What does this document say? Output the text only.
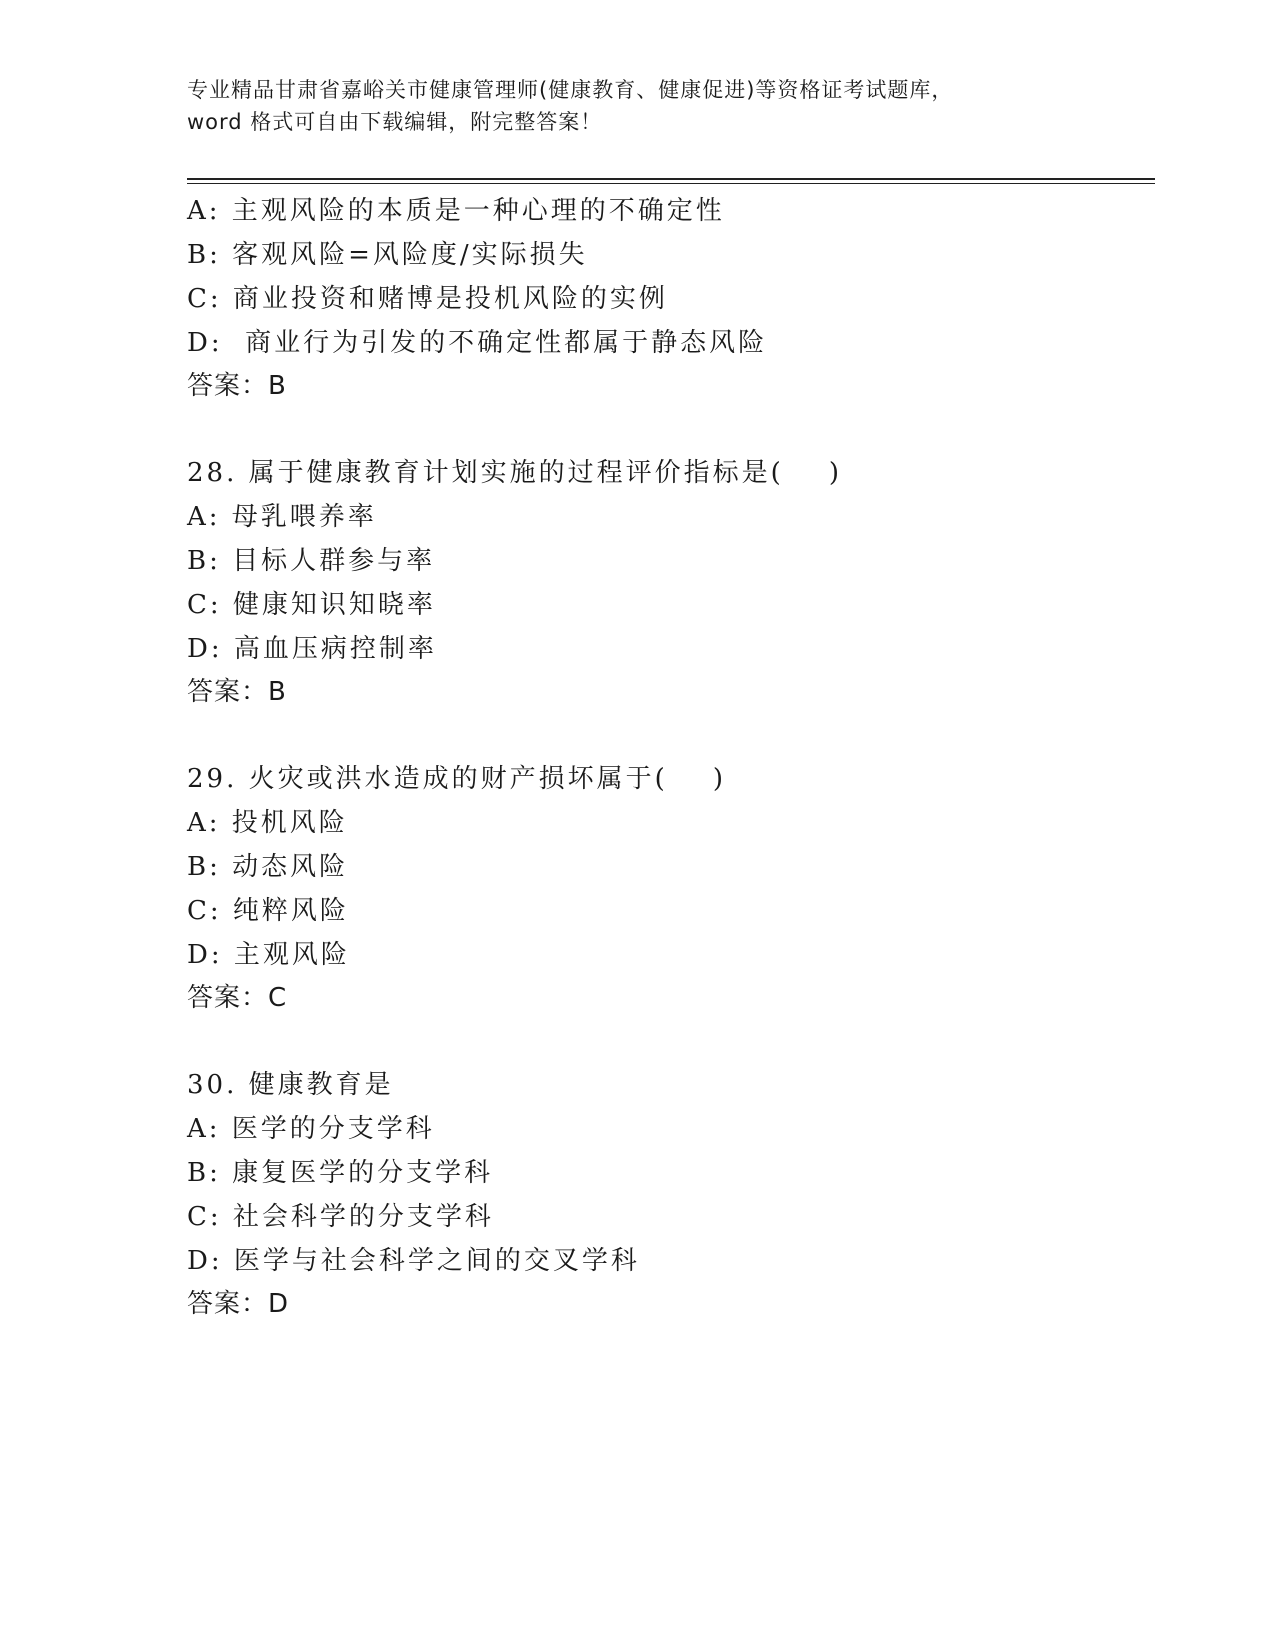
专业精品甘肃省嘉峪关市健康管理师(健康教育、健康促进)等资格证考试题库，
word 格式可自由下载编辑，附完整答案！
A: 主观风险的本质是一种心理的不确定性
B: 客观风险=风险度/实际损失
C: 商业投资和赌博是投机风险的实例
D:  商业行为引发的不确定性都属于静态风险
答案：B
28. 属于健康教育计划实施的过程评价指标是(    )
A: 母乳喂养率
B: 目标人群参与率
C: 健康知识知晓率
D: 高血压病控制率
答案：B
29. 火灾或洪水造成的财产损坏属于(    )
A: 投机风险
B: 动态风险
C: 纯粹风险
D: 主观风险
答案：C
30. 健康教育是
A: 医学的分支学科
B: 康复医学的分支学科
C: 社会科学的分支学科
D: 医学与社会科学之间的交叉学科
答案：D
